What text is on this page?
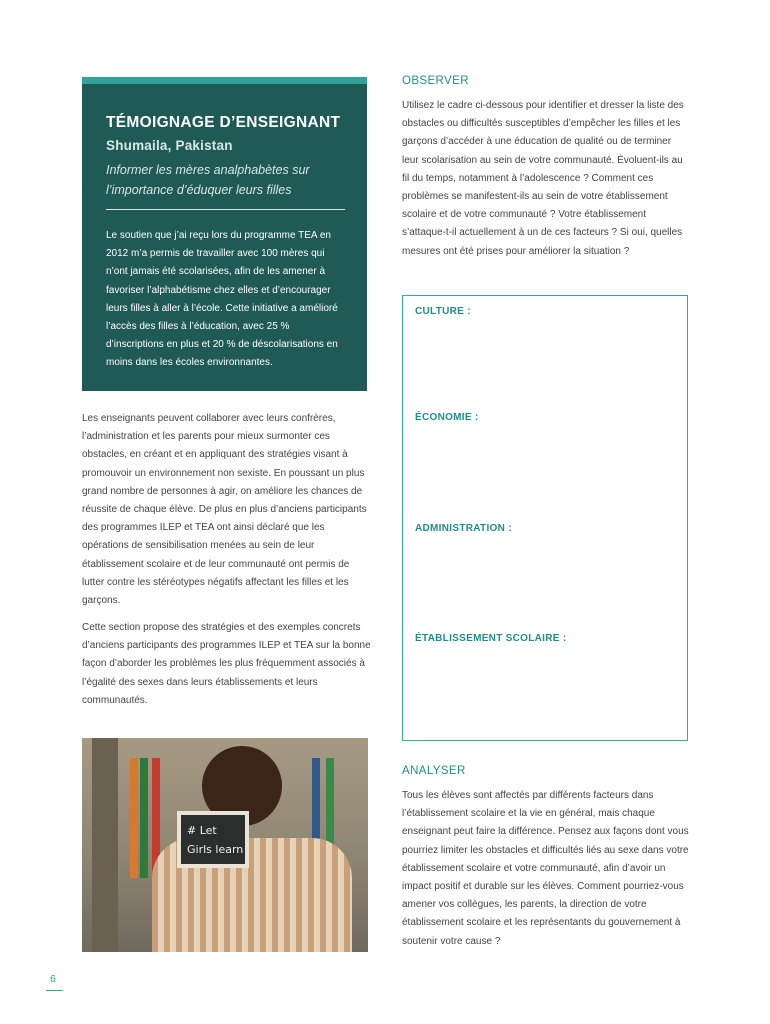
TÉMOIGNAGE D’ENSEIGNANT
Shumaila, Pakistan
Informer les mères analphabètes sur l’importance d’éduquer leurs filles
Le soutien que j’ai reçu lors du programme TEA en 2012 m’a permis de travailler avec 100 mères qui n’ont jamais été scolarisées, afin de les amener à favoriser l’alphabétisme chez elles et d’encourager leurs filles à aller à l’école. Cette initiative a amélioré l’accès des filles à l’éducation, avec 25 % d’inscriptions en plus et 20 % de déscolarisations en moins dans les écoles environnantes.

Les enseignants peuvent collaborer avec leurs confrères, l’administration et les parents pour mieux surmonter ces obstacles, en créant et en appliquant des stratégies visant à promouvoir un environnement non sexiste. En poussant un plus grand nombre de personnes à agir, on améliore les chances de réussite de chaque élève. De plus en plus d’anciens participants des programmes ILEP et TEA ont ainsi déclaré que les opérations de sensibilisation menées au sein de leur établissement scolaire et de leur communauté ont permis de lutter contre les stéréotypes négatifs affectant les filles et les garçons.

Cette section propose des stratégies et des exemples concrets d’anciens participants des programmes ILEP et TEA sur la bonne façon d’aborder les problèmes les plus fréquemment associés à l’égalité des sexes dans leurs établissements et leurs communautés.

# Let
Girls learn
OBSERVER
Utilisez le cadre ci-dessous pour identifier et dresser la liste des obstacles ou difficultés susceptibles d’empêcher les filles et les garçons d’accéder à une éducation de qualité ou de terminer leur scolarisation au sein de votre communauté. Évoluent-ils au fil du temps, notamment à l’adolescence ? Comment ces problèmes se manifestent-ils au sein de votre établissement scolaire et de votre communauté ? Votre établissement s’attaque-t-il actuellement à un de ces facteurs ? Si oui, quelles mesures ont été prises pour améliorer la situation ?
CULTURE :
ÉCONOMIE :
ADMINISTRATION :
ÉTABLISSEMENT SCOLAIRE :
ANALYSER
Tous les élèves sont affectés par différents facteurs dans l’établissement scolaire et la vie en général, mais chaque enseignant peut faire la différence. Pensez aux façons dont vous pourriez limiter les obstacles et difficultés liés au sexe dans votre établissement scolaire et votre communauté, afin d’avoir un impact positif et durable sur les élèves. Comment pourriez-vous amener vos collègues, les parents, la direction de votre établissement scolaire et les représentants du gouvernement à soutenir votre cause ?
6
